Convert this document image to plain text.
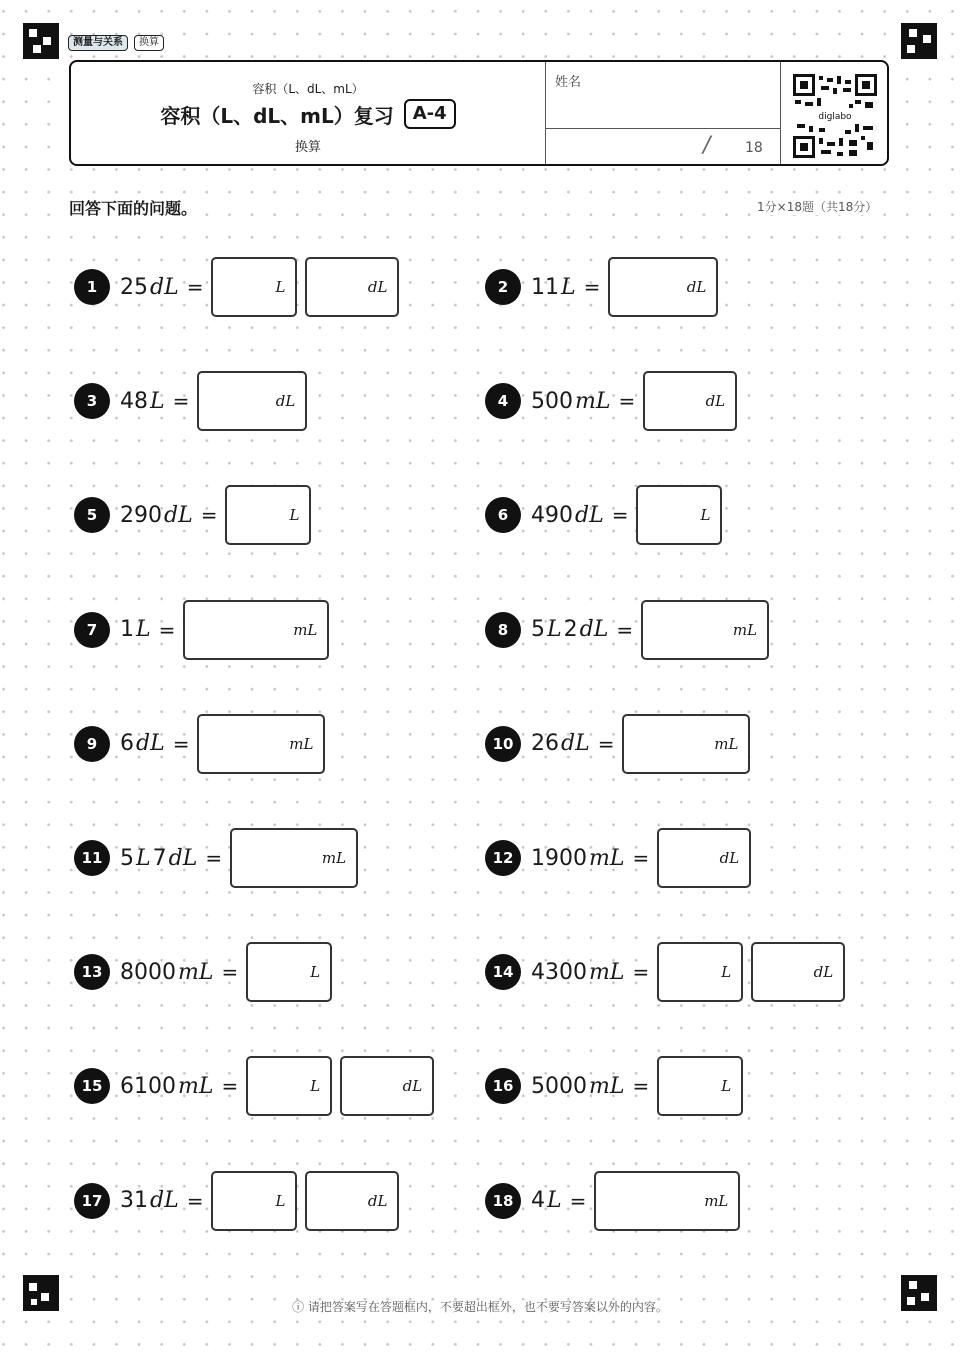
测量与关系	换算
容积（L、dL、mL）
容积（L、dL、mL）复习	A-4
换算
姓名
/ 18
diglabo
回答下面的问题。	1分×18题（共18分）
1	25dL =	L	dL	2	11L =	dL
3	48L =	dL	4	500mL =	dL
5	290dL =	L	6	490dL =	L
7	1L =	mL	8	5L2dL =	mL
9	6dL =	mL	10 26dL =	mL
11 5L7dL =	mL	12 1900mL =	dL
13 8000mL =	L	14 4300mL =	L	dL
15 6100mL =	L	dL	16 5000mL =	L
17 31dL =	L	dL	18 4L =	mL
ⓘ 请把答案写在答题框内，不要超出框外，也不要写答案以外的内容。
